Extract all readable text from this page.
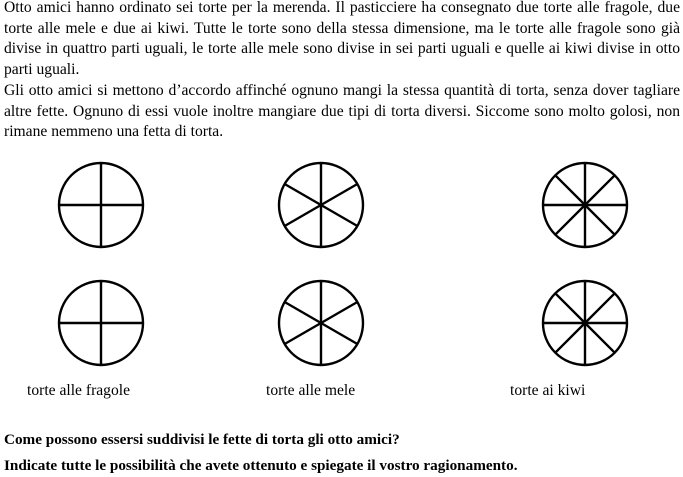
Otto amici hanno ordinato sei torte per la merenda. Il pasticciere ha consegnato due torte alle fragole, due torte alle mele e due ai kiwi. Tutte le torte sono della stessa dimensione, ma le torte alle fragole sono già divise in quattro parti uguali, le torte alle mele sono divise in sei parti uguali e quelle ai kiwi divise in otto parti uguali.

Gli otto amici si mettono d’accordo affinché ognuno mangi la stessa quantità di torta, senza dover tagliare altre fette. Ognuno di essi vuole inoltre mangiare due tipi di torta diversi. Siccome sono molto golosi, non rimane nemmeno una fetta di torta.

torte alle fragole	torte alle mele	torte ai kiwi
Come possono essersi suddivisi le fette di torta gli otto amici?
Indicate tutte le possibilità che avete ottenuto e spiegate il vostro ragionamento.
